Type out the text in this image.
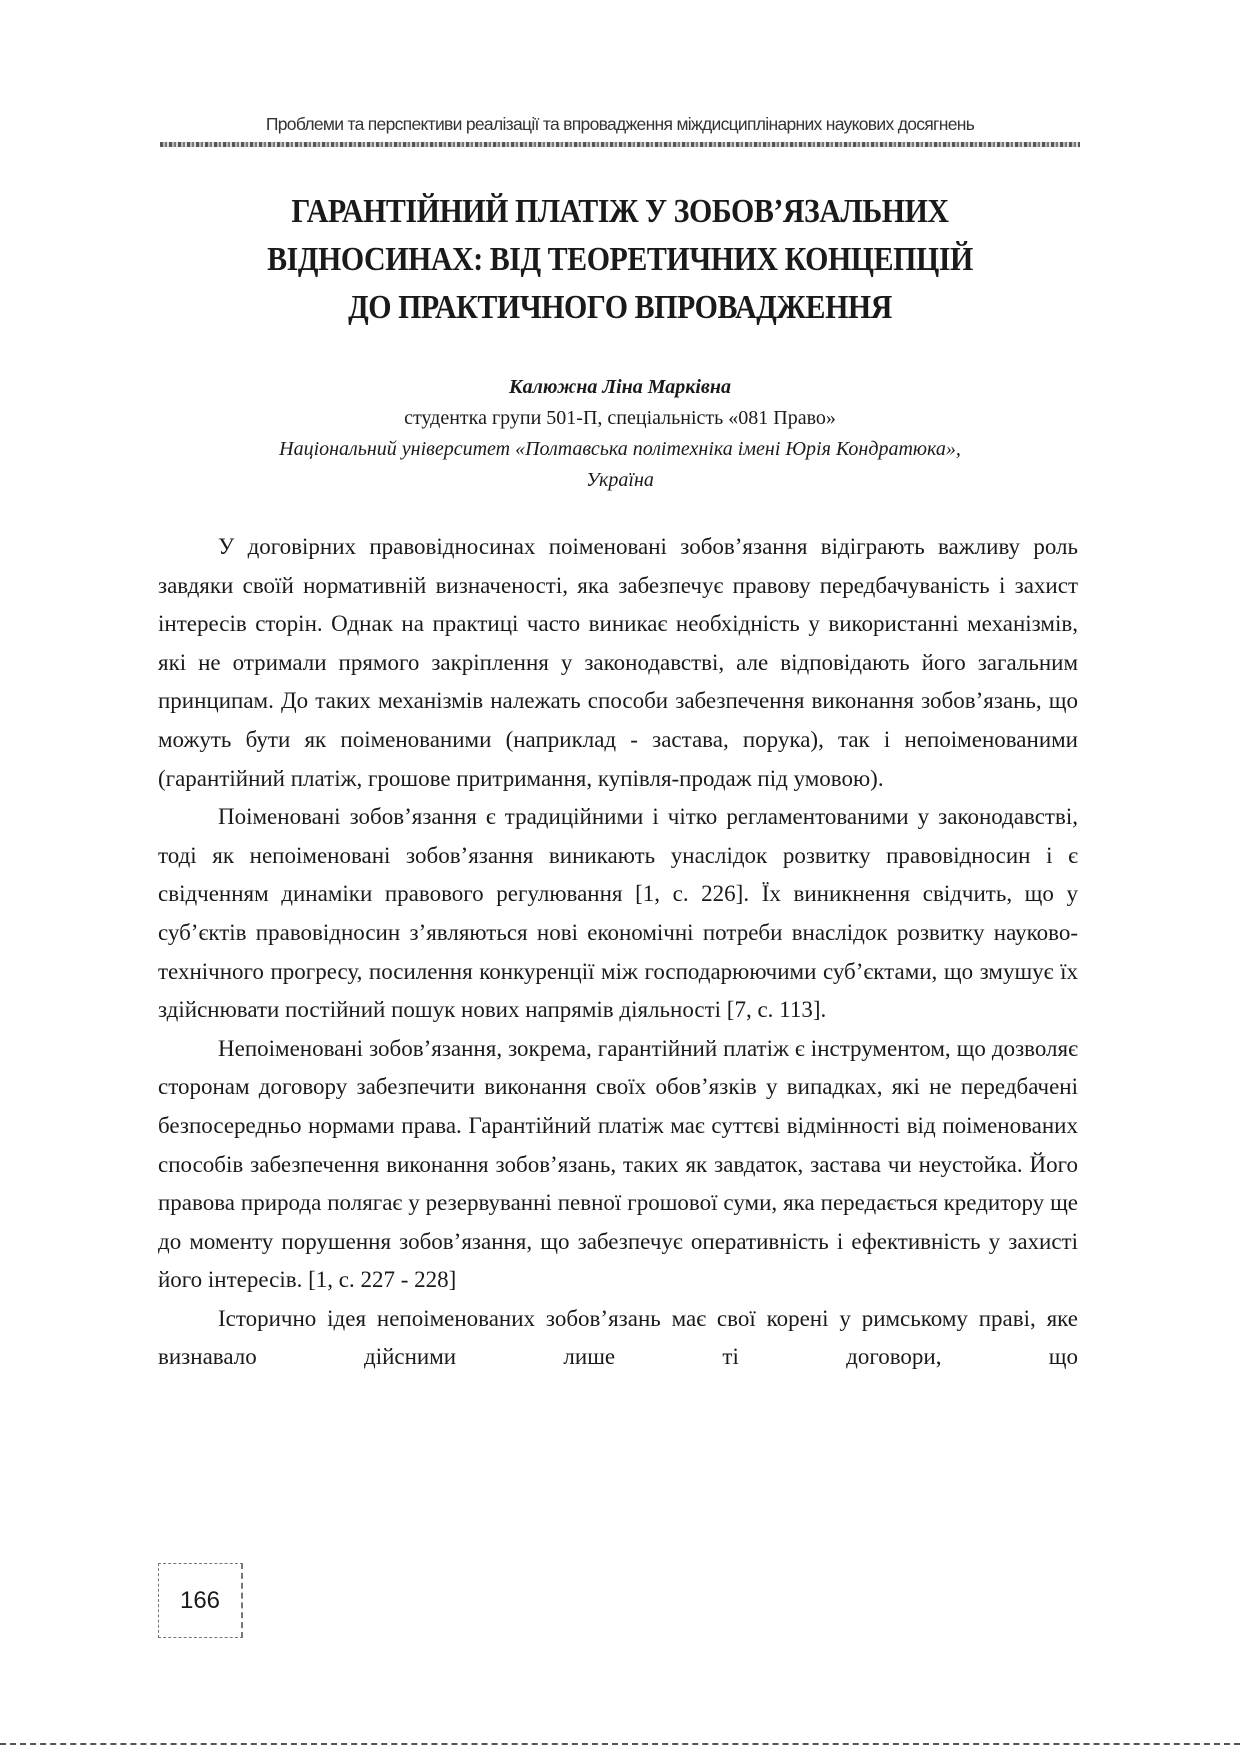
Проблеми та перспективи реалізації та впровадження міждисциплінарних наукових досягнень
ГАРАНТІЙНИЙ ПЛАТІЖ У ЗОБОВ’ЯЗАЛЬНИХ
ВІДНОСИНАХ: ВІД ТЕОРЕТИЧНИХ КОНЦЕПЦІЙ
ДО ПРАКТИЧНОГО ВПРОВАДЖЕННЯ
Калюжна Ліна Марківна
студентка групи 501-П, спеціальність «081 Право»
Національний університет «Полтавська політехніка імені Юрія Кондратюка»,
Україна

У договірних правовідносинах поіменовані зобов’язання відіграють важливу роль завдяки своїй нормативній визначеності, яка забезпечує правову передбачуваність і захист інтересів сторін. Однак на практиці часто виникає необхідність у використанні механізмів, які не отримали прямого закріплення у законодавстві, але відповідають його загальним принципам. До таких механізмів належать способи забезпечення виконання зобов’язань, що можуть бути як поіменованими (наприклад - застава, порука), так і непоіменованими (гарантійний платіж, грошове притримання, купівля-продаж під умовою).

Поіменовані зобов’язання є традиційними і чітко регламентованими у законодавстві, тоді як непоіменовані зобов’язання виникають унаслідок розвитку правовідносин і є свідченням динаміки правового регулювання [1, с. 226]. Їх виникнення свідчить, що у суб’єктів правовідносин з’являються нові економічні потреби внаслідок розвитку науково-технічного прогресу, посилення конкуренції між господарюючими суб’єктами, що змушує їх здійснювати постійний пошук нових напрямів діяльності [7, с. 113].

Непоіменовані зобов’язання, зокрема, гарантійний платіж є інструментом, що дозволяє сторонам договору забезпечити виконання своїх обов’язків у випадках, які не передбачені безпосередньо нормами права. Гарантійний платіж має суттєві відмінності від поіменованих способів забезпечення виконання зобов’язань, таких як завдаток, застава чи неустойка. Його правова природа полягає у резервуванні певної грошової суми, яка передається кредитору ще до моменту порушення зобов’язання, що забезпечує оперативність і ефективність у захисті його інтересів. [1, с. 227 - 228]

Історично ідея непоіменованих зобов’язань має свої корені у римському праві, яке визнавало дійсними лише ті договори, що

166
